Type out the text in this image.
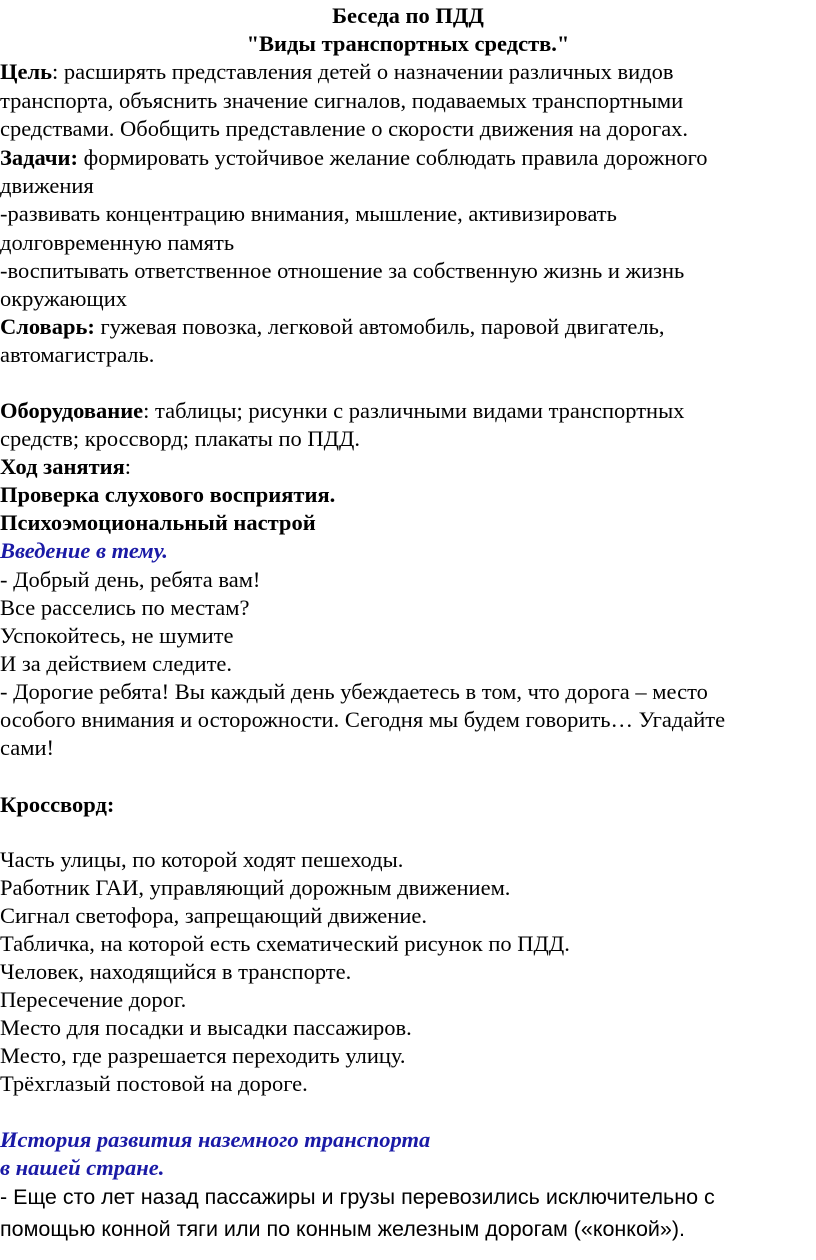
Беседа по ПДД
"Виды транспортных средств."
Цель: расширять представления детей о назначении различных видов
транспорта, объяснить значение сигналов, подаваемых транспортными
средствами. Обобщить представление о скорости движения на дорогах.
Задачи: формировать устойчивое желание соблюдать правила дорожного
движения
-развивать концентрацию внимания, мышление, активизировать
долговременную память
-воспитывать ответственное отношение за собственную жизнь и жизнь
окружающих
Словарь: гужевая повозка, легковой автомобиль, паровой двигатель,
автомагистраль.
Оборудование: таблицы; рисунки с различными видами транспортных
средств; кроссворд; плакаты по ПДД.
Ход занятия:
Проверка слухового восприятия.
Психоэмоциональный настрой
Введение в тему.
- Добрый день, ребята вам!
Все расселись по местам?
Успокойтесь, не шумите
И за действием следите.
- Дорогие ребята! Вы каждый день убеждаетесь в том, что дорога – место
особого внимания и осторожности. Сегодня мы будем говорить… Угадайте
сами!
Кроссворд:
Часть улицы, по которой ходят пешеходы.
Работник ГАИ, управляющий дорожным движением.
Сигнал светофора, запрещающий движение.
Табличка, на которой есть схематический рисунок по ПДД.
Человек, находящийся в транспорте.
Пересечение дорог.
Место для посадки и высадки пассажиров.
Место, где разрешается переходить улицу.
Трёхглазый постовой на дороге.
История развития наземного транспорта
в нашей стране.
- Еще сто лет назад пассажиры и грузы перевозились исключительно с
помощью конной тяги или по конным железным дорогам («конкой»).
